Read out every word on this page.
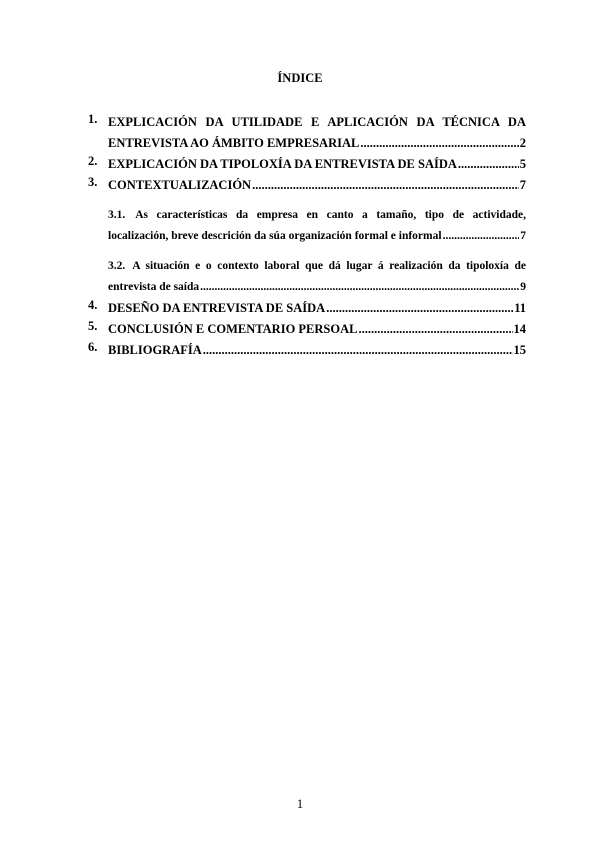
ÍNDICE
1. EXPLICACIÓN DA UTILIDADE E APLICACIÓN DA TÉCNICA DA
ENTREVISTA AO ÁMBITO EMPRESARIAL .....	2
2. EXPLICACIÓN DA TIPOLOXÍA DA ENTREVISTA DE SAÍDA .....	5
3. CONTEXTUALIZACIÓN .....	7
3.1. As características da empresa en canto a tamaño, tipo de actividade,
localización, breve descrición da súa organización formal e informal .....	7
3.2. A situación e o contexto laboral que dá lugar á realización da tipoloxía de
entrevista de saída .....	9
4. DESEÑO DA ENTREVISTA DE SAÍDA .....	11
5. CONCLUSIÓN E COMENTARIO PERSOAL .....	14
6. BIBLIOGRAFÍA .....	15
1
